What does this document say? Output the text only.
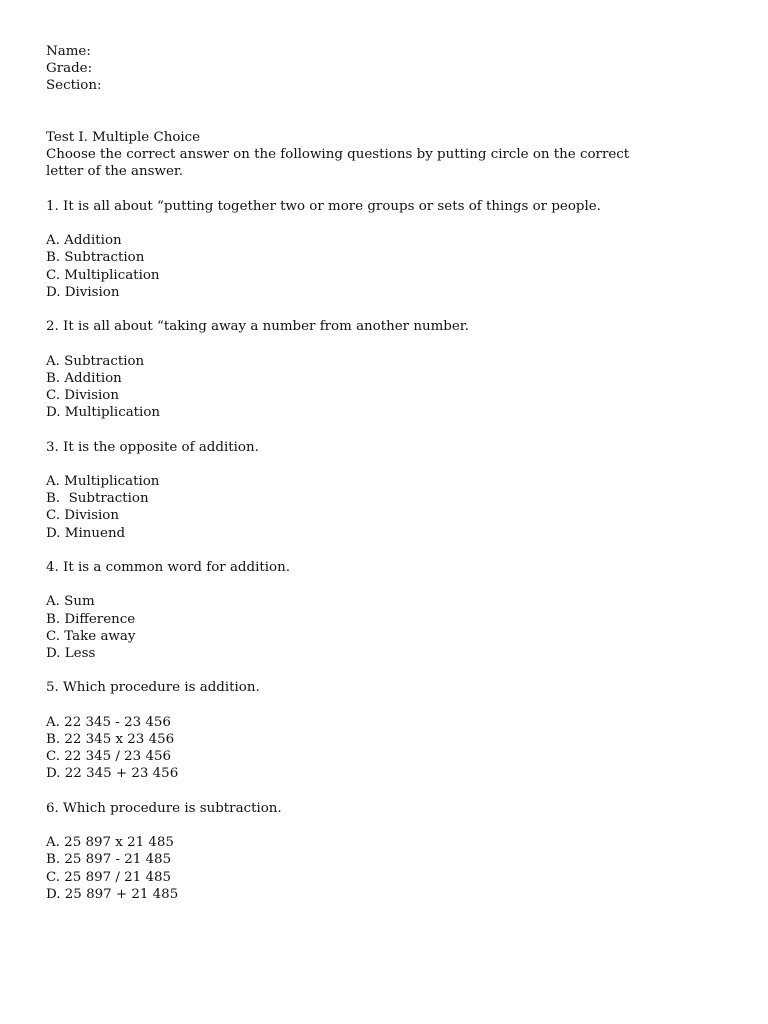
Name:
Grade:
Section:
Test I. Multiple Choice
Choose the correct answer on the following questions by putting circle on the correct
letter of the answer.
1. It is all about “putting together two or more groups or sets of things or people.
A. Addition
B. Subtraction
C. Multiplication
D. Division
2. It is all about “taking away a number from another number.
A. Subtraction
B. Addition
C. Division
D. Multiplication
3. It is the opposite of addition.
A. Multiplication
B.  Subtraction
C. Division
D. Minuend
4. It is a common word for addition.
A. Sum
B. Difference
C. Take away
D. Less
5. Which procedure is addition.
A. 22 345 - 23 456
B. 22 345 x 23 456
C. 22 345 / 23 456
D. 22 345 + 23 456
6. Which procedure is subtraction.
A. 25 897 x 21 485
B. 25 897 - 21 485
C. 25 897 / 21 485
D. 25 897 + 21 485
